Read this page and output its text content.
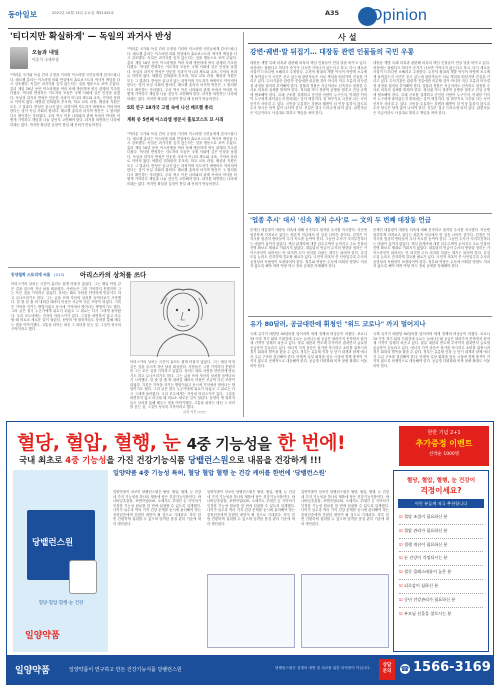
동아일보	2021년 10월 13일 수요일 제31425호	A35 Opinion
'티디지만 확실하게' — 독일의 과거사 반성
오늘과 내일
이종석 국제부장
"여러분 국가와 독일 간의 우정을 기리며 이스라엘 국민들에게 감사드립니다. 메르켈 총리는 이스라엘 의회 연설에서 홀로코스트의 역사적 책임을 다시 강조했다. 독일은 과거사를 잊지 않는다는 것을 행동으로 보여 주었다. 총리 재임 16년 동안 이스라엘을 여러 차례 방문하며 양국 관계의 기초를 다졌다. 역사를 반성하는 지도자의 모습은 국제 사회에 깊은 인상을 남겼다. 독일의 과거사 반성은 단순한 사과가 아니라 제도와 교육, 기억의 문화로 이어져 왔다. 베를린 한복판의 추모비, 학교 교육 과정, 배상과 지원은 모두 그 결과다. 반성은 끝나지 않는 과정이며 지도자가 바뀌어도 이어져야 한다는 것이 독일 사회의 합의다. 메르켈 총리의 마지막 방문은 그 합의를 다시 확인하는 자리였다. 우리 역시 이웃 나라와의 관계 속에서 역사를 어떻게 기억하고 책임을 나눌 것인지 고민해야 한다. 과거를 외면하는 나라에 미래는 없다. 작지만 확실한 실천이 쌓일 때 신뢰가 만들어진다.
"여러분 국가와 독일 간의 우정을 기리며 이스라엘 국민들에게 감사드립니다. 메르켈 총리는 이스라엘 의회 연설에서 홀로코스트의 역사적 책임을 다시 강조했다. 독일은 과거사를 잊지 않는다는 것을 행동으로 보여 주었다. 총리 재임 16년 동안 이스라엘을 여러 차례 방문하며 양국 관계의 기초를 다졌다. 역사를 반성하는 지도자의 모습은 국제 사회에 깊은 인상을 남겼다. 독일의 과거사 반성은 단순한 사과가 아니라 제도와 교육, 기억의 문화로 이어져 왔다. 베를린 한복판의 추모비, 학교 교육 과정, 배상과 지원은 모두 그 결과다. 반성은 끝나지 않는 과정이며 지도자가 바뀌어도 이어져야 한다는 것이 독일 사회의 합의다. 메르켈 총리의 마지막 방문은 그 합의를 다시 확인하는 자리였다. 우리 역시 이웃 나라와의 관계 속에서 역사를 어떻게 기억하고 책임을 나눌 것인지 고민해야 한다. 과거를 외면하는 나라에 미래는 없다. 작지만 확실한 실천이 쌓일 때 신뢰가 만들어진다.
5회 연구 18개국 고별 속에 나선 메르켈 총리
계획 중 5번째 이스라엘 방문서 홀로코스트 묘 사죄
"여러분 국가와 독일 간의 우정을 기리며 이스라엘 국민들에게 감사드립니다. 메르켈 총리는 이스라엘 의회 연설에서 홀로코스트의 역사적 책임을 다시 강조했다. 독일은 과거사를 잊지 않는다는 것을 행동으로 보여 주었다. 총리 재임 16년 동안 이스라엘을 여러 차례 방문하며 양국 관계의 기초를 다졌다. 역사를 반성하는 지도자의 모습은 국제 사회에 깊은 인상을 남겼다. 독일의 과거사 반성은 단순한 사과가 아니라 제도와 교육, 기억의 문화로 이어져 왔다. 베를린 한복판의 추모비, 학교 교육 과정, 배상과 지원은 모두 그 결과다. 반성은 끝나지 않는 과정이며 지도자가 바뀌어도 이어져야 한다는 것이 독일 사회의 합의다. 메르켈 총리의 마지막 방문은 그 합의를 다시 확인하는 자리였다. 우리 역시 이웃 나라와의 관계 속에서 역사를 어떻게 기억하고 책임을 나눌 것인지 고민해야 한다. 과거를 외면하는 나라에 미래는 없다. 작지만 확실한 실천이 쌓일 때 신뢰가 만들어진다.
동양철학 스토리에 씨름 (213) 아리스카의 상처를 쓰다
아리스카의 상처는 시간이 흘러도 쉽게 아물지 않았다. 그는 매일 아침 같은 길을 걸으며 지난 날을 떠올렸다. 사람들은 그를 기억하지 못했지만 그는 모든 것을 기억하고 있었다. 상처는 때로 사람을 단단하게 만들기도 하고 무너뜨리기도 한다. 그는 글을 쓰며 자신의 상처를 들여다보기 시작했다. 한 줄 한 줄 써 내려갈 때마다 아픔은 조금씩 다른 모양이 되었다. 기록은 기억을 지키는 방법이었고 동시에 기억에서 벗어나는 방법이기도 했다. 그의 글은 결국 누군가에게 위로가 되었고 그 위로는 다시 그에게 돌아왔다. 우리 모두에게는 각자의 아리스카가 있다. 그것을 외면하지 않고 마주할 때 비로소 새로운 길이 열린다. 동양의 옛 철학자들도 상처를 통해 배우는 법을 이야기했다. 고통을 피하는 대신 그 의미를 묻는 것, 그것이 성숙의 시작이라고 했다.
아리스카의 상처는 시간이 흘러도 쉽게 아물지 않았다. 그는 매일 아침 같은 길을 걸으며 지난 날을 떠올렸다. 사람들은 그를 기억하지 못했지만 그는 모든 것을 기억하고 있었다. 상처는 때로 사람을 단단하게 만들기도 하고 무너뜨리기도 한다. 그는 글을 쓰며 자신의 상처를 들여다보기 시작했다. 한 줄 한 줄 써 내려갈 때마다 아픔은 조금씩 다른 모양이 되었다. 기록은 기억을 지키는 방법이었고 동시에 기억에서 벗어나는 방법이기도 했다. 그의 글은 결국 누군가에게 위로가 되었고 그 위로는 다시 그에게 돌아왔다. 우리 모두에게는 각자의 아리스카가 있다. 그것을 외면하지 않고 마주할 때 비로소 새로운 길이 열린다. 동양의 옛 철학자들도 상처를 통해 배우는 법을 이야기했다. 고통을 피하는 대신 그 의미를 묻는 것, 그것이 성숙의 시작이라고 했다.
글과 사진 ○○○
사설
강변·궤변·말 뒤집기… 대장동 관련 인물들의 국민 우롱
대장동 개발 특혜 의혹과 관련해 의혹의 핵심 인물들이 연일 말을 바꾸고 있다. 처음에는 몰랐다고 하다가 증거가 나오면 기억나지 않는다고 하고, 다시 새로운 사실이 드러나면 오해라고 주장한다. 수천억 원대의 개발 이익이 어떻게 소수에게 돌아갔는지 국민은 묻고 있는데 관련자들은 서로 책임을 떠넘기며 진실을 가리고 있다. 수사기관은 관련자 진술에만 의존할 것이 아니라 자금 흐름과 의사결정 과정을 철저히 추적해야 한다. 검찰과 경찰은 지금이라도 신속하고 엄정한 수사로 의혹의 실체를 밝혀야 한다. 정치권 역시 정략적 공방을 멈추고 진상 규명에 협조해야 한다. 특혜 구조를 설계하고 승인한 사람이 누구인지, 막대한 이익이 누구에게 돌아갔는지 밝혀내는 것이 핵심이다. 말 바꾸기로 시간을 끄는 사이 증거가 사라질 수 있다. 국민을 우롱하는 강변과 궤변이 더 이상 통하지 않도록 수사 당국은 성역 없이 나서야 한다. 진실은 결국 드러나게 되어 있다. 관련자들은 지금이라도 사실대로 밝히고 책임을 져야 한다.
대장동 개발 특혜 의혹과 관련해 의혹의 핵심 인물들이 연일 말을 바꾸고 있다. 처음에는 몰랐다고 하다가 증거가 나오면 기억나지 않는다고 하고, 다시 새로운 사실이 드러나면 오해라고 주장한다. 수천억 원대의 개발 이익이 어떻게 소수에게 돌아갔는지 국민은 묻고 있는데 관련자들은 서로 책임을 떠넘기며 진실을 가리고 있다. 수사기관은 관련자 진술에만 의존할 것이 아니라 자금 흐름과 의사결정 과정을 철저히 추적해야 한다. 검찰과 경찰은 지금이라도 신속하고 엄정한 수사로 의혹의 실체를 밝혀야 한다. 정치권 역시 정략적 공방을 멈추고 진상 규명에 협조해야 한다. 특혜 구조를 설계하고 승인한 사람이 누구인지, 막대한 이익이 누구에게 돌아갔는지 밝혀내는 것이 핵심이다. 말 바꾸기로 시간을 끄는 사이 증거가 사라질 수 있다. 국민을 우롱하는 강변과 궤변이 더 이상 통하지 않도록 수사 당국은 성역 없이 나서야 한다. 진실은 결국 드러나게 되어 있다. 관련자들은 지금이라도 사실대로 밝히고 책임을 져야 한다.
'업종 추시' 대서 '신속 철저 수사'로 — 文의 두 번째 대장동 언급
문재인 대통령이 대장동 의혹에 대해 신속하고 철저한 수사를 지시했다. 지난번 엄중하게 지켜보고 있다는 원론적 언급에서 한 걸음 나아간 것이다. 검경은 이 지시를 엄중히 받아들여 수사 속도를 높여야 한다. 그동안 수사가 지지부진하다는 비판이 끊이지 않았다. 핵심 관계자에 대한 압수수색이 늦어지고 주요 인물의 신병 확보도 제대로 이뤄지지 않았다. 대통령의 언급이 수사의 방향을 정하는 가이드라인이 되어서는 안 되지만 수사 의지를 다잡는 계기는 되어야 한다. 특검 도입 논의도 진지하게 검토할 필요가 있다. 국민적 의혹이 큰 사안일수록 수사의 공정성과 독립성이 보장되어야 한다. 정부와 여당은 수사에 어떠한 영향도 미치지 않도록 해야 하며 야당 역시 정치 공세를 자제해야 한다.
문재인 대통령이 대장동 의혹에 대해 신속하고 철저한 수사를 지시했다. 지난번 엄중하게 지켜보고 있다는 원론적 언급에서 한 걸음 나아간 것이다. 검경은 이 지시를 엄중히 받아들여 수사 속도를 높여야 한다. 그동안 수사가 지지부진하다는 비판이 끊이지 않았다. 핵심 관계자에 대한 압수수색이 늦어지고 주요 인물의 신병 확보도 제대로 이뤄지지 않았다. 대통령의 언급이 수사의 방향을 정하는 가이드라인이 되어서는 안 되지만 수사 의지를 다잡는 계기는 되어야 한다. 특검 도입 논의도 진지하게 검토할 필요가 있다. 국민적 의혹이 큰 사안일수록 수사의 공정성과 독립성이 보장되어야 한다. 정부와 여당은 수사에 어떠한 영향도 미치지 않도록 해야 하며 야당 역시 정치 공세를 자제해야 한다.
유가 80달러, 공급대란에 휘청인 "위드 코로나" 까지 멀어지나
국제 유가가 배럴당 80달러를 넘어서며 세계 경제에 비상등이 켜졌다. 코로나19 이후 경기 회복 기대감에 수요는 늘어나는데 공급은 따라가지 못하면서 원자재 가격이 일제히 치솟고 있다. 물류 대란과 반도체 부족까지 겹치면서 글로벌 공급망이 흔들리고 있다. 에너지 가격 상승은 물가를 자극하고 소비를 위축시켜 경기 회복의 발목을 잡을 수 있다. 정부는 유류세 인하 등 단기 대책과 함께 에너지 수급 구조를 점검해야 한다. 단계적 일상 회복을 앞둔 시점에 경제 충격이 커지지 않도록 선제적으로 대응해야 한다. 공급망 다변화와 비축 물량 확대도 서둘러야 한다.
국제 유가가 배럴당 80달러를 넘어서며 세계 경제에 비상등이 켜졌다. 코로나19 이후 경기 회복 기대감에 수요는 늘어나는데 공급은 따라가지 못하면서 원자재 가격이 일제히 치솟고 있다. 물류 대란과 반도체 부족까지 겹치면서 글로벌 공급망이 흔들리고 있다. 에너지 가격 상승은 물가를 자극하고 소비를 위축시켜 경기 회복의 발목을 잡을 수 있다. 정부는 유류세 인하 등 단기 대책과 함께 에너지 수급 구조를 점검해야 한다. 단계적 일상 회복을 앞둔 시점에 경제 충격이 커지지 않도록 선제적으로 대응해야 한다. 공급망 다변화와 비축 물량 확대도 서둘러야 한다.
혈당, 혈압, 혈행, 눈 4중 기능성을 한 번에!
국내 최초로 4중 기능성을 가진 건강기능식품 당뱉런스원으로 내몸을 건강하게 !!!
한한 기념 2+1
추가증정 이벤트
선착순 1000명
당뱉런스원
혈당·혈압·혈행·눈 건강
일양약품
일양약품 4중 기능성 특허, 혈당 혈압 혈행 눈 건강 케어를 한번에 '당뱉런스원'
일양약품이 선보인 당뱉런스원은 혈당, 혈압, 혈행, 눈 건강 네 가지 기능성을 하나의 제품에 담은 건강기능식품이다. 바나바잎추출물, 코엔자임Q10, 오메가3, 루테인 등 식약처가 인정한 기능성 원료를 한 번에 섭취할 수 있도록 설계했다. 나이가 들수록 여러 가지 건강 문제를 동시에 관리해야 하는 중장년층에게 간편한 대안이 될 것으로 기대된다. 하루 한 번 간편하게 섭취할 수 있으며 엄격한 품질 관리 기준에 따라 생산된다.
일양약품이 선보인 당뱉런스원은 혈당, 혈압, 혈행, 눈 건강 네 가지 기능성을 하나의 제품에 담은 건강기능식품이다. 바나바잎추출물, 코엔자임Q10, 오메가3, 루테인 등 식약처가 인정한 기능성 원료를 한 번에 섭취할 수 있도록 설계했다. 나이가 들수록 여러 가지 건강 문제를 동시에 관리해야 하는 중장년층에게 간편한 대안이 될 것으로 기대된다. 하루 한 번 간편하게 섭취할 수 있으며 엄격한 품질 관리 기준에 따라 생산된다.
일양약품이 선보인 당뱉런스원은 혈당, 혈압, 혈행, 눈 건강 네 가지 기능성을 하나의 제품에 담은 건강기능식품이다. 바나바잎추출물, 코엔자임Q10, 오메가3, 루테인 등 식약처가 인정한 기능성 원료를 한 번에 섭취할 수 있도록 설계했다. 나이가 들수록 여러 가지 건강 문제를 동시에 관리해야 하는 중장년층에게 간편한 대안이 될 것으로 기대된다. 하루 한 번 간편하게 섭취할 수 있으며 엄격한 품질 관리 기준에 따라 생산된다.
혈당, 혈압, 혈행, 눈 건강이
걱정이세요?
이런 분들께 적극 추천합니다
☑ 혈당 조절이 필요하신 분
☑ 혈압 관리가 필요하신 분
☑ 혈행 개선이 필요하신 분
☑ 눈 건강이 걱정되시는 분
☑ 혈중 콜레스테롤이 높은 분
☑ 피로감이 심하신 분
☑ 중년 건강관리가 필요하신 분
☑ 부모님 선물을 찾으시는 분
일양약품	일양약품이 연구하고 만든 건강기능식품 당뱉런스원	당뱉런스원은 질병의 예방 및 치료를 위한 의약품이 아닙니다.	상담
문의	☎ 1566-3169
